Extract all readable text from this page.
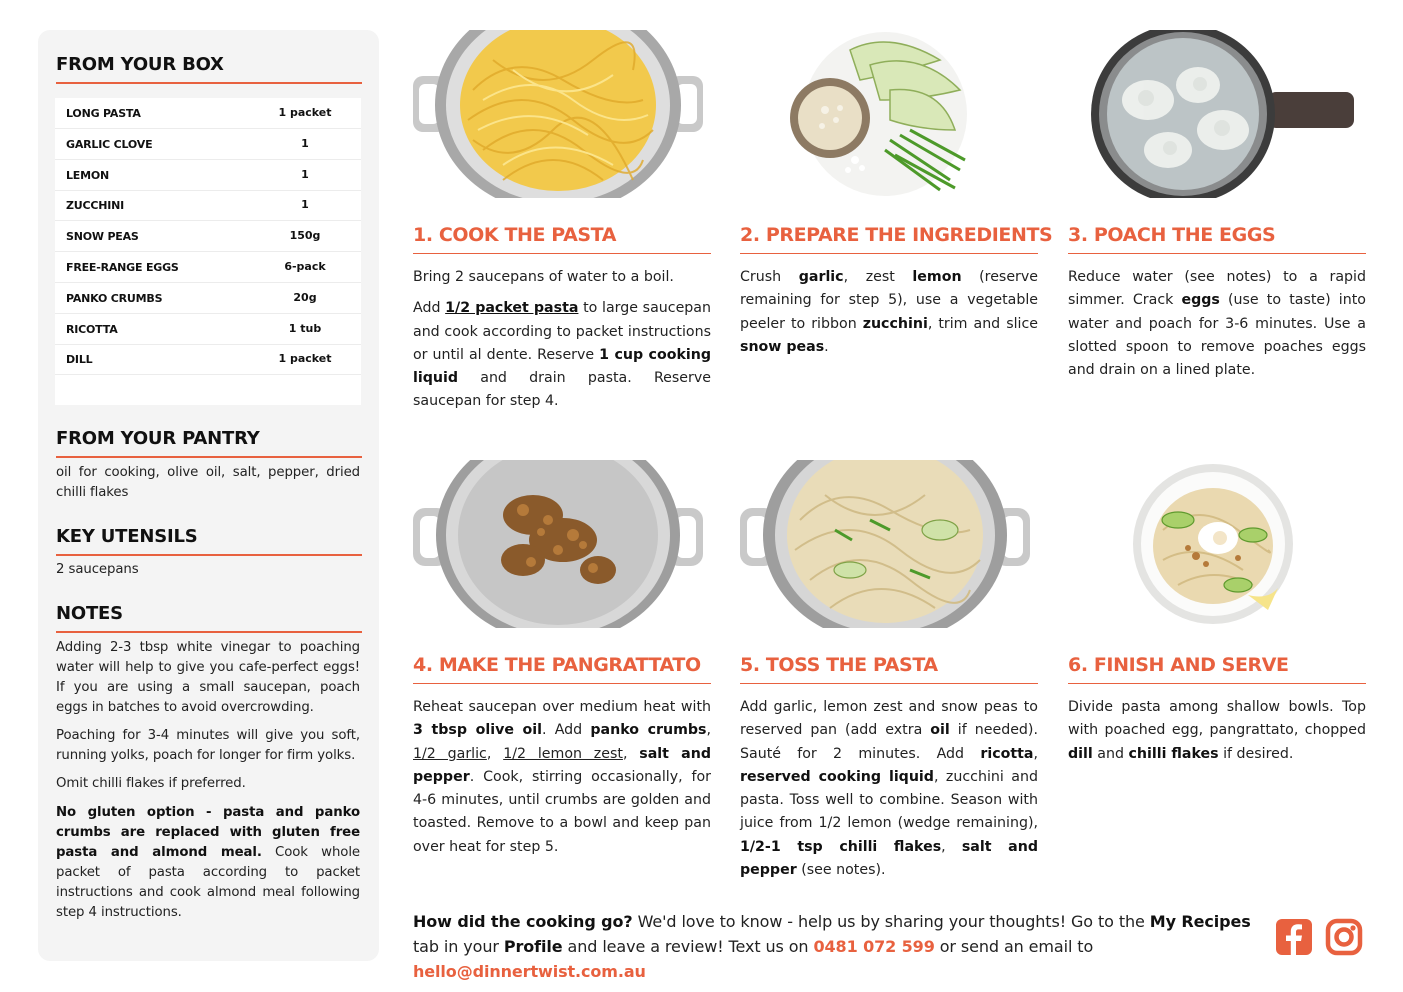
FROM YOUR BOX
LONG PASTA	1 packet
GARLIC CLOVE	1
LEMON	1
ZUCCHINI	1
SNOW PEAS	150g
FREE-RANGE EGGS	6-pack
PANKO CRUMBS	20g
RICOTTA	1 tub
DILL	1 packet
FROM YOUR PANTRY
oil for cooking, olive oil, salt, pepper, dried chilli flakes
KEY UTENSILS
2 saucepans
NOTES
Adding 2-3 tbsp white vinegar to poaching water will help to give you cafe-perfect eggs! If you are using a small saucepan, poach eggs in batches to avoid overcrowding.
Poaching for 3-4 minutes will give you soft, running yolks, poach for longer for firm yolks.
Omit chilli flakes if preferred.
No gluten option - pasta and panko crumbs are replaced with gluten free pasta and almond meal. Cook whole packet of pasta according to packet instructions and cook almond meal following step 4 instructions.
1. COOK THE PASTA

Bring 2 saucepans of water to a boil.

Add 1/2 packet pasta to large saucepan and cook according to packet instructions or until al dente. Reserve 1 cup cooking liquid and drain pasta. Reserve saucepan for step 4.

2. PREPARE THE INGREDIENTS

Crush garlic, zest lemon (reserve remaining for step 5), use a vegetable peeler to ribbon zucchini, trim and slice snow peas.

3. POACH THE EGGS

Reduce water (see notes) to a rapid simmer. Crack eggs (use to taste) into water and poach for 3-6 minutes. Use a slotted spoon to remove poaches eggs and drain on a lined plate.

4. MAKE THE PANGRATTATO

Reheat saucepan over medium heat with 3 tbsp olive oil. Add panko crumbs, 1/2 garlic, 1/2 lemon zest, salt and pepper. Cook, stirring occasionally, for 4-6 minutes, until crumbs are golden and toasted. Remove to a bowl and keep pan over heat for step 5.

5. TOSS THE PASTA

Add garlic, lemon zest and snow peas to reserved pan (add extra oil if needed). Sauté for 2 minutes. Add ricotta, reserved cooking liquid, zucchini and pasta. Toss well to combine. Season with juice from 1/2 lemon (wedge remaining), 1/2-1 tsp chilli flakes, salt and pepper (see notes).

6. FINISH AND SERVE

Divide pasta among shallow bowls. Top with poached egg, pangrattato, chopped dill and chilli flakes if desired.

How did the cooking go? We'd love to know - help us by sharing your thoughts! Go to the My Recipes tab in your Profile and leave a review! Text us on 0481 072 599 or send an email to hello@dinnertwist.com.au
